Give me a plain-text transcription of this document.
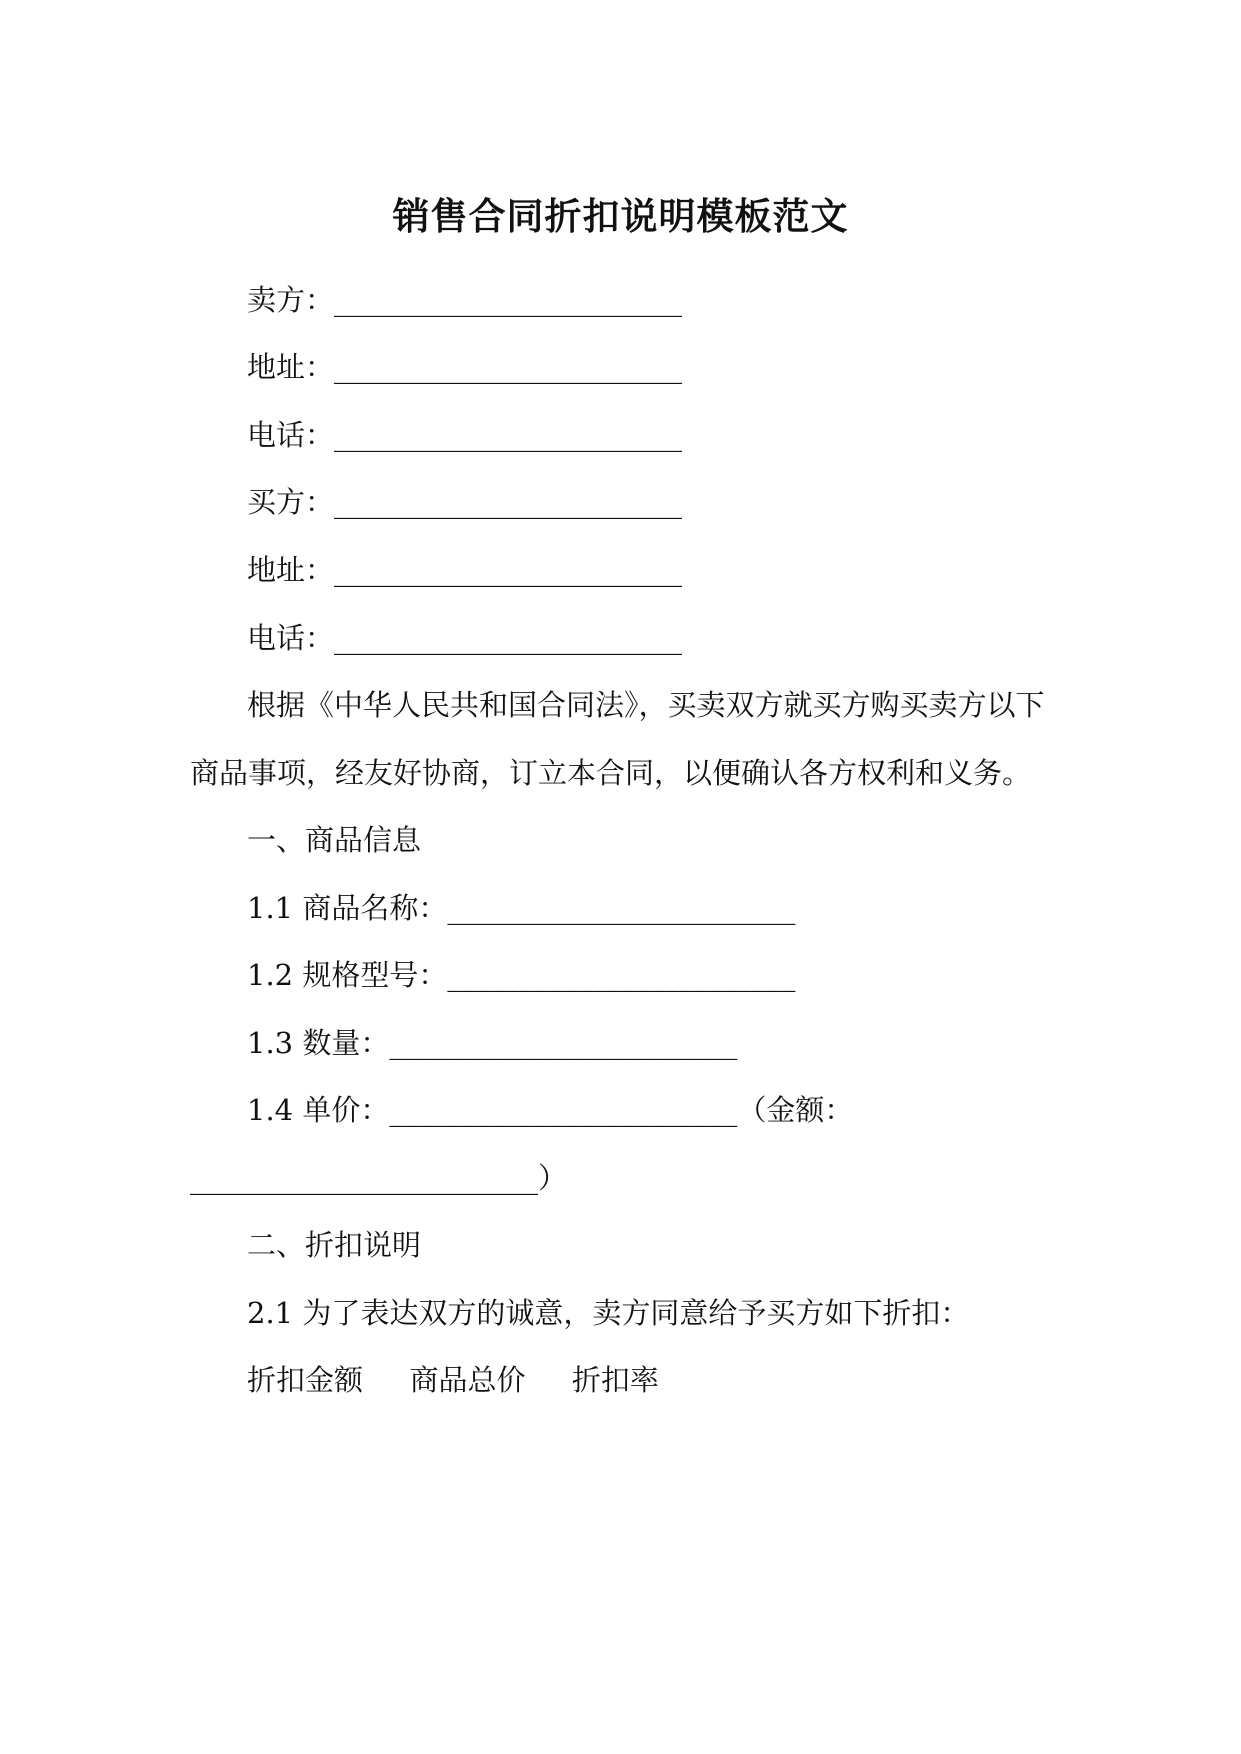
销售合同折扣说明模板范文
卖方：________________________
地址：________________________
电话：________________________
买方：________________________
地址：________________________
电话：________________________
根据《中华人民共和国合同法》，买卖双方就买方购买卖方以下
商品事项，经友好协商，订立本合同，以便确认各方权利和义务。
一、商品信息
1.1 商品名称：________________________
1.2 规格型号：________________________
1.3 数量：________________________
1.4 单价：________________________（金额：
________________________）
二、折扣说明
2.1 为了表达双方的诚意，卖方同意给予买方如下折扣：
折扣金额 商品总价 折扣率
